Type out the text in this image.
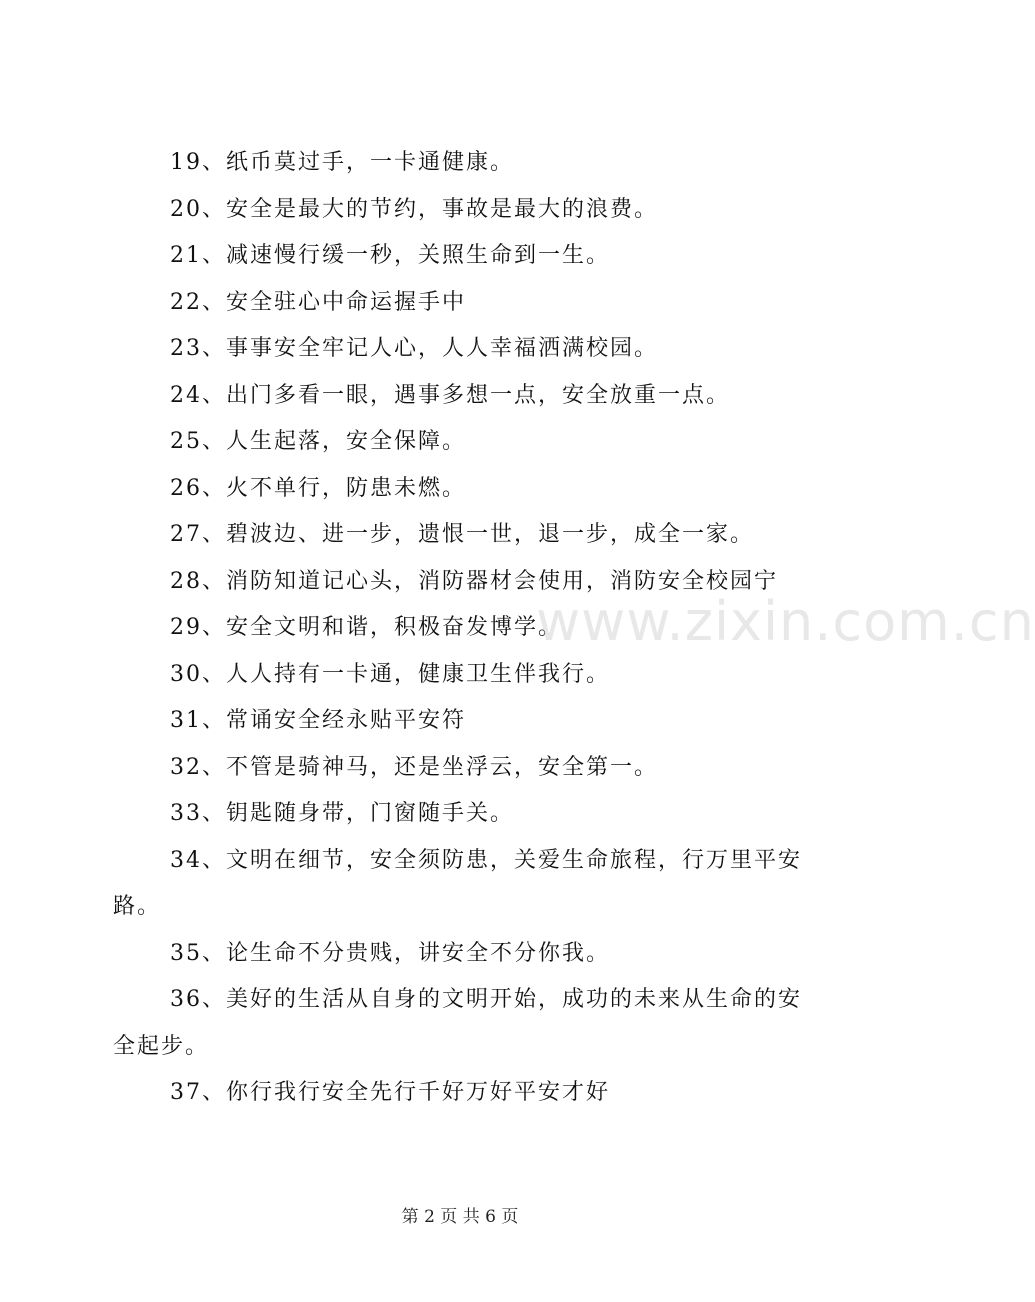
19、纸币莫过手，一卡通健康。

20、安全是最大的节约，事故是最大的浪费。

21、减速慢行缓一秒，关照生命到一生。

22、安全驻心中命运握手中

23、事事安全牢记人心，人人幸福洒满校园。

24、出门多看一眼，遇事多想一点，安全放重一点。

25、人生起落，安全保障。

26、火不单行，防患未燃。

27、碧波边、进一步，遗恨一世，退一步，成全一家。

28、消防知道记心头，消防器材会使用，消防安全校园宁

29、安全文明和谐，积极奋发博学。

30、人人持有一卡通，健康卫生伴我行。

31、常诵安全经永贴平安符

32、不管是骑神马，还是坐浮云，安全第一。

33、钥匙随身带，门窗随手关。

34、文明在细节，安全须防患，关爱生命旅程，行万里平安路。

35、论生命不分贵贱，讲安全不分你我。

36、美好的生活从自身的文明开始，成功的未来从生命的安全起步。

37、你行我行安全先行千好万好平安才好

www.zixin.com.cn
第 2 页 共 6 页
